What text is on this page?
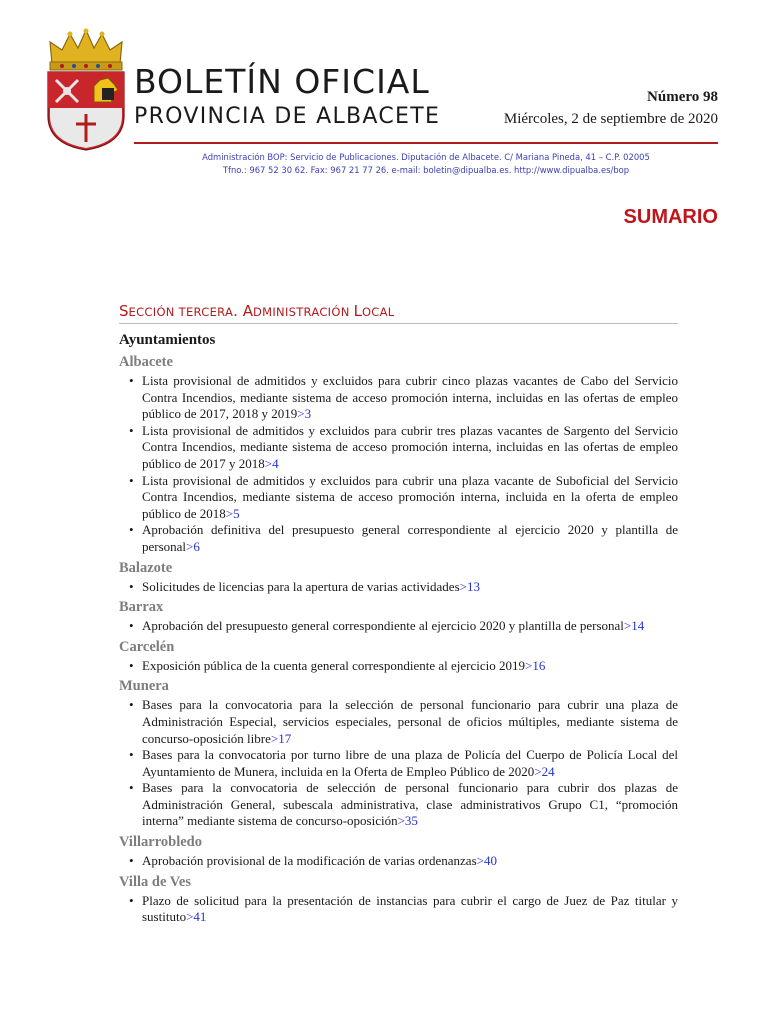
BOLETÍN OFICIAL
PROVINCIA DE ALBACETE
Número 98
Miércoles, 2 de septiembre de 2020
Administración BOP: Servicio de Publicaciones. Diputación de Albacete. C/ Mariana Pineda, 41 – C.P. 02005
Tfno.: 967 52 30 62. Fax: 967 21 77 26. e-mail: boletin@dipualba.es. http://www.dipualba.es/bop
SUMARIO
SECCIÓN TERCERA. ADMINISTRACIÓN LOCAL
Ayuntamientos
Albacete
• Lista provisional de admitidos y excluidos para cubrir cinco plazas vacantes de Cabo del Servicio Contra Incendios, mediante sistema de acceso promoción interna, incluidas en las ofertas de empleo público de 2017, 2018 y 2019>3
• Lista provisional de admitidos y excluidos para cubrir tres plazas vacantes de Sargento del Servicio Contra Incendios, mediante sistema de acceso promoción interna, incluidas en las ofertas de empleo público de 2017 y 2018>4
• Lista provisional de admitidos y excluidos para cubrir una plaza vacante de Suboficial del Servicio Contra Incendios, mediante sistema de acceso promoción interna, incluida en la oferta de empleo público de 2018>5
• Aprobación definitiva del presupuesto general correspondiente al ejercicio 2020 y plantilla de personal>6
Balazote
• Solicitudes de licencias para la apertura de varias actividades>13
Barrax
• Aprobación del presupuesto general correspondiente al ejercicio 2020 y plantilla de personal>14
Carcelén
• Exposición pública de la cuenta general correspondiente al ejercicio 2019>16
Munera
• Bases para la convocatoria para la selección de personal funcionario para cubrir una plaza de Administración Especial, servicios especiales, personal de oficios múltiples, mediante sistema de concurso-oposición libre>17
• Bases para la convocatoria por turno libre de una plaza de Policía del Cuerpo de Policía Local del Ayuntamiento de Munera, incluida en la Oferta de Empleo Público de 2020>24
• Bases para la convocatoria de selección de personal funcionario para cubrir dos plazas de Administración General, subescala administrativa, clase administrativos Grupo C1, “promoción interna” mediante sistema de concurso-oposición>35
Villarrobledo
• Aprobación provisional de la modificación de varias ordenanzas>40
Villa de Ves
• Plazo de solicitud para la presentación de instancias para cubrir el cargo de Juez de Paz titular y sustituto>41
